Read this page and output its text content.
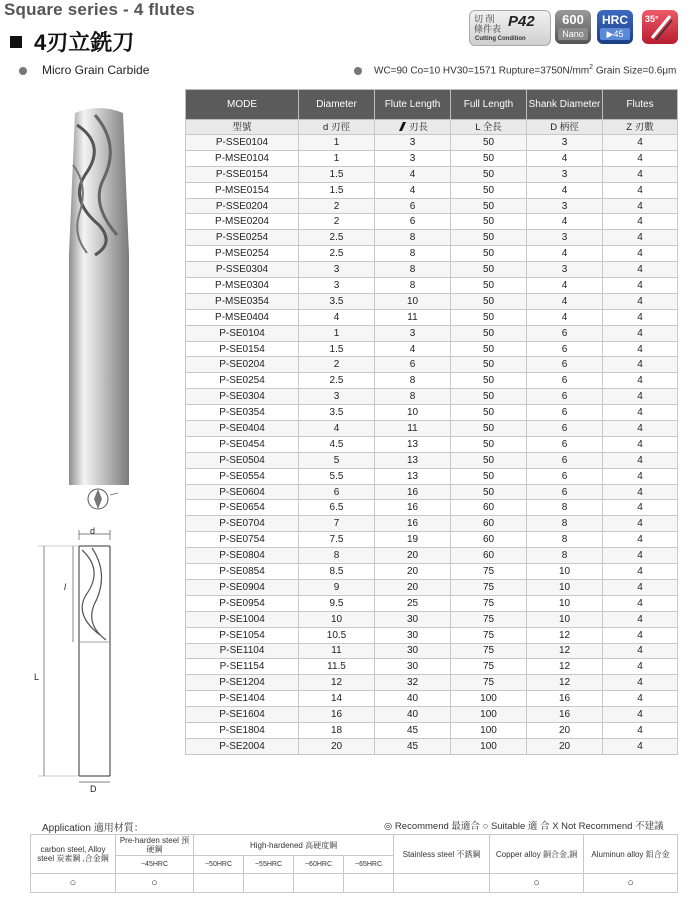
Square series - 4 flutes
4刃立銑刀
切 削
條件表 P42
Cutting Condition
600
Nano
HRC
▶45
35°
Micro Grain Carbide	WC=90 Co=10 HV30=1571 $Rupture=3750N/mm^2$ Grain Size=0.6μm
d
l
L
D
MODE	Diameter	Flute Length	Full Length	Shank Diameter	Flutes
型號	d 刃徑	刃長	L 全長	D 柄徑	Z 刃數
P-SSE0104	1	3	50	3	4
P-MSE0104	1	3	50	4	4
P-SSE0154	1.5	4	50	3	4
P-MSE0154	1.5	4	50	4	4
P-SSE0204	2	6	50	3	4
P-MSE0204	2	6	50	4	4
P-SSE0254	2.5	8	50	3	4
P-MSE0254	2.5	8	50	4	4
P-SSE0304	3	8	50	3	4
P-MSE0304	3	8	50	4	4
P-MSE0354	3.5	10	50	4	4
P-MSE0404	4	11	50	4	4
P-SE0104	1	3	50	6	4
P-SE0154	1.5	4	50	6	4
P-SE0204	2	6	50	6	4
P-SE0254	2.5	8	50	6	4
P-SE0304	3	8	50	6	4
P-SE0354	3.5	10	50	6	4
P-SE0404	4	11	50	6	4
P-SE0454	4.5	13	50	6	4
P-SE0504	5	13	50	6	4
P-SE0554	5.5	13	50	6	4
P-SE0604	6	16	50	6	4
P-SE0654	6.5	16	60	8	4
P-SE0704	7	16	60	8	4
P-SE0754	7.5	19	60	8	4
P-SE0804	8	20	60	8	4
P-SE0854	8.5	20	75	10	4
P-SE0904	9	20	75	10	4
P-SE0954	9.5	25	75	10	4
P-SE1004	10	30	75	10	4
P-SE1054	10.5	30	75	12	4
P-SE1104	11	30	75	12	4
P-SE1154	11.5	30	75	12	4
P-SE1204	12	32	75	12	4
P-SE1404	14	40	100	16	4
P-SE1604	16	40	100	16	4
P-SE1804	18	45	100	20	4
P-SE2004	20	45	100	20	4
Application 適用材質：	◎ Recommend 最適合 ○ Suitable 適 合 X Not Recommend 不建議
carbon steel, Alloy steel 炭素鋼 ,合金鋼	Pre-harden steel 預硬鋼	High-hardened 高硬度鋼				Stainless steel 不銹鋼	Copper alloy 銅合金,銅	Aluminun alloy 鋁合金
	~45HRC	~50HRC	~55HRC	~60HRC	~65HRC			
○	○						○	○
